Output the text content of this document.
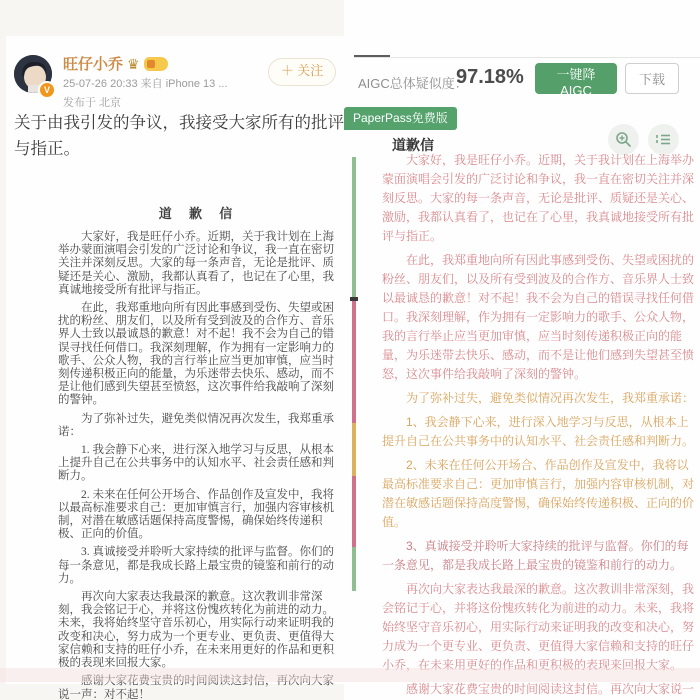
V
旺仔小乔 ♛
25-07-26 20:33 来自 iPhone 13 ...
发布于 北京
＋ 关注
关于由我引发的争议，我接受大家所有的批评与指正。
道 歉 信

大家好，我是旺仔小乔。近期，关于我计划在上海举办蒙面演唱会引发的广泛讨论和争议，我一直在密切关注并深刻反思。大家的每一条声音，无论是批评、质疑还是关心、激励，我都认真看了，也记在了心里，我真诚地接受所有批评与指正。

在此，我郑重地向所有因此事感到受伤、失望或困扰的粉丝、朋友们，以及所有受到波及的合作方、音乐界人士致以最诚恳的歉意！对不起！我不会为自己的错误寻找任何借口。我深刻理解，作为拥有一定影响力的歌手、公众人物，我的言行举止应当更加审慎，应当时刻传递积极正向的能量，为乐迷带去快乐、感动，而不是让他们感到失望甚至愤怒，这次事件给我敲响了深刻的警钟。

为了弥补过失，避免类似情况再次发生，我郑重承诺：

1. 我会静下心来，进行深入地学习与反思，从根本上提升自己在公共事务中的认知水平、社会责任感和判断力。

2. 未来在任何公开场合、作品创作及宣发中，我将以最高标准要求自己：更加审慎言行，加强内容审核机制，对潜在敏感话题保持高度警惕，确保始终传递积极、正向的价值。

3. 真诚接受并聆听大家持续的批评与监督。你们的每一条意见，都是我成长路上最宝贵的镜鉴和前行的动力。

再次向大家表达我最深的歉意。这次教训非常深刻，我会铭记于心，并将这份愧疚转化为前进的动力。未来，我将始终坚守音乐初心，用实际行动来证明我的改变和决心，努力成为一个更专业、更负责、更值得大家信赖和支持的旺仔小乔，在未来用更好的作品和更积极的表现来回报大家。

感谢大家花费宝贵的时间阅读这封信，再次向大家说一声：对不起！

AIGC总体疑似度：
97.18%	一键降AIGC
下载
PaperPass免费版
道歉信

大家好，我是旺仔小乔。近期，关于我计划在上海举办蒙面演唱会引发的广泛讨论和争议，我一直在密切关注并深刻反思。大家的每一条声音，无论是批评、质疑还是关心、激励，我都认真看了，也记在了心里，我真诚地接受所有批评与指正。

在此，我郑重地向所有因此事感到受伤、失望或困扰的粉丝、朋友们，以及所有受到波及的合作方、音乐界人士致以最诚恳的歉意！对不起！我不会为自己的错误寻找任何借口。我深刻理解，作为拥有一定影响力的歌手、公众人物，我的言行举止应当更加审慎，应当时刻传递积极正向的能量，为乐迷带去快乐、感动，而不是让他们感到失望甚至愤怒，这次事件给我敲响了深刻的警钟。

为了弥补过失，避免类似情况再次发生，我郑重承诺：

1、我会静下心来，进行深入地学习与反思，从根本上提升自己在公共事务中的认知水平、社会责任感和判断力。

2、未来在任何公开场合、作品创作及宣发中，我将以最高标准要求自己：更加审慎言行，加强内容审核机制，对潜在敏感话题保持高度警惕，确保始终传递积极、正向的价值。

3、真诚接受并聆听大家持续的批评与监督。你们的每一条意见，都是我成长路上最宝贵的镜鉴和前行的动力。

再次向大家表达我最深的歉意。这次教训非常深刻，我会铭记于心，并将这份愧疚转化为前进的动力。未来，我将始终坚守音乐初心，用实际行动来证明我的改变和决心，努力成为一个更专业、更负责、更值得大家信赖和支持的旺仔小乔，在未来用更好的作品和更积极的表现来回报大家。

感谢大家花费宝贵的时间阅读这封信。再次向大家说一
